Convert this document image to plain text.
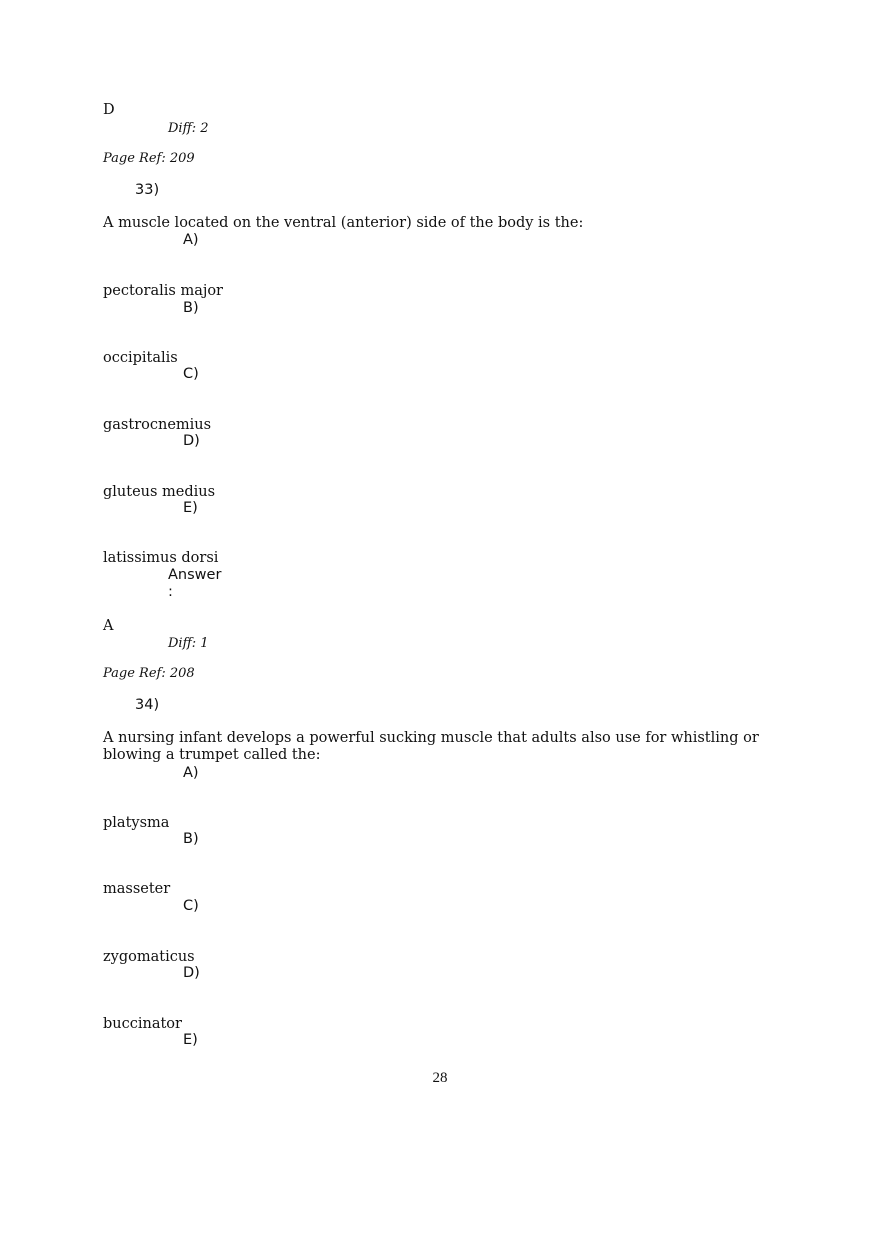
D
Diff: 2
Page Ref: 209
33)
A muscle located on the ventral (anterior) side of the body is the:
A)
pectoralis major
B)
occipitalis
C)
gastrocnemius
D)
gluteus medius
E)
latissimus dorsi
Answer
:
A
Diff: 1
Page Ref: 208
34)
A nursing infant develops a powerful sucking muscle that adults also use for whistling or
blowing a trumpet called the:
A)
platysma
B)
masseter
C)
zygomaticus
D)
buccinator
E)
28
